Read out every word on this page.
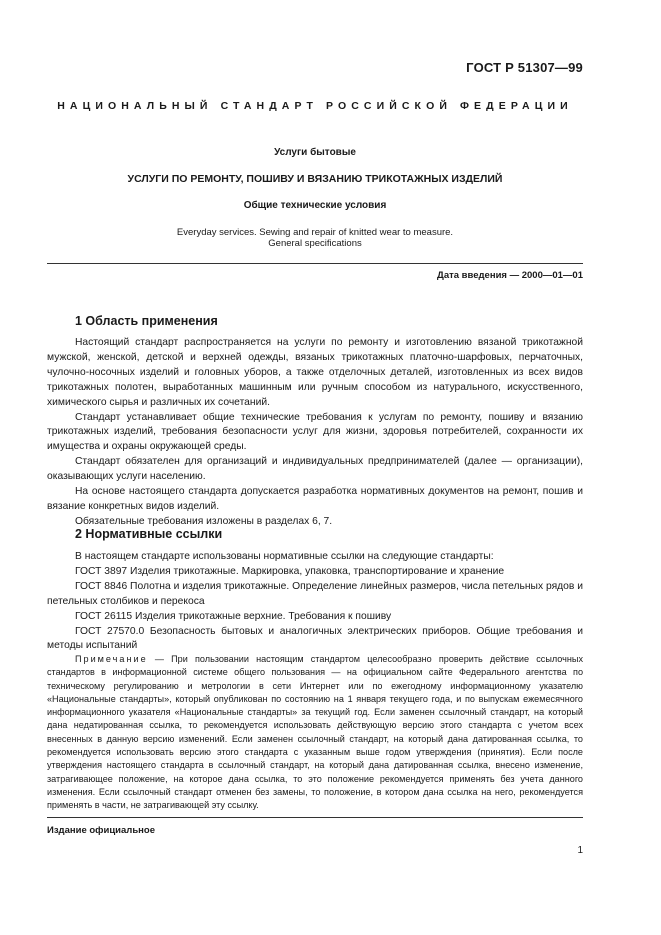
ГОСТ Р 51307—99
НАЦИОНАЛЬНЫЙ СТАНДАРТ РОССИЙСКОЙ ФЕДЕРАЦИИ
Услуги бытовые
УСЛУГИ ПО РЕМОНТУ, ПОШИВУ И ВЯЗАНИЮ ТРИКОТАЖНЫХ ИЗДЕЛИЙ
Общие технические условия
Everyday services. Sewing and repair of knitted wear to measure.
General specifications
Дата введения — 2000—01—01
1 Область применения

Настоящий стандарт распространяется на услуги по ремонту и изготовлению вязаной трикотажной мужской, женской, детской и верхней одежды, вязаных трикотажных платочно-шарфовых, перчаточных, чулочно-носочных изделий и головных уборов, а также отделочных деталей, изготовленных из всех видов трикотажных полотен, выработанных машинным или ручным способом из натурального, искусственного, химического сырья и различных их сочетаний.

Стандарт устанавливает общие технические требования к услугам по ремонту, пошиву и вязанию трикотажных изделий, требования безопасности услуг для жизни, здоровья потребителей, сохранности их имущества и охраны окружающей среды.

Стандарт обязателен для организаций и индивидуальных предпринимателей (далее — организации), оказывающих услуги населению.

На основе настоящего стандарта допускается разработка нормативных документов на ремонт, пошив и вязание конкретных видов изделий.

Обязательные требования изложены в разделах 6, 7.

2 Нормативные ссылки

В настоящем стандарте использованы нормативные ссылки на следующие стандарты:

ГОСТ 3897 Изделия трикотажные. Маркировка, упаковка, транспортирование и хранение

ГОСТ 8846 Полотна и изделия трикотажные. Определение линейных размеров, числа петельных рядов и петельных столбиков и перекоса

ГОСТ 26115 Изделия трикотажные верхние. Требования к пошиву

ГОСТ 27570.0 Безопасность бытовых и аналогичных электрических приборов. Общие требования и методы испытаний

Примечание — При пользовании настоящим стандартом целесообразно проверить действие ссылочных стандартов в информационной системе общего пользования — на официальном сайте Федерального агентства по техническому регулированию и метрологии в сети Интернет или по ежегодному информационному указателю «Национальные стандарты», который опубликован по состоянию на 1 января текущего года, и по выпускам ежемесячного информационного указателя «Национальные стандарты» за текущий год. Если заменен ссылочный стандарт, на который дана недатированная ссылка, то рекомендуется использовать действующую версию этого стандарта с учетом всех внесенных в данную версию изменений. Если заменен ссылочный стандарт, на который дана датированная ссылка, то рекомендуется использовать версию этого стандарта с указанным выше годом утверждения (принятия). Если после утверждения настоящего стандарта в ссылочный стандарт, на который дана датированная ссылка, внесено изменение, затрагивающее положение, на которое дана ссылка, то это положение рекомендуется применять без учета данного изменения. Если ссылочный стандарт отменен без замены, то положение, в котором дана ссылка на него, рекомендуется применять в части, не затрагивающей эту ссылку.
Издание официальное
1
